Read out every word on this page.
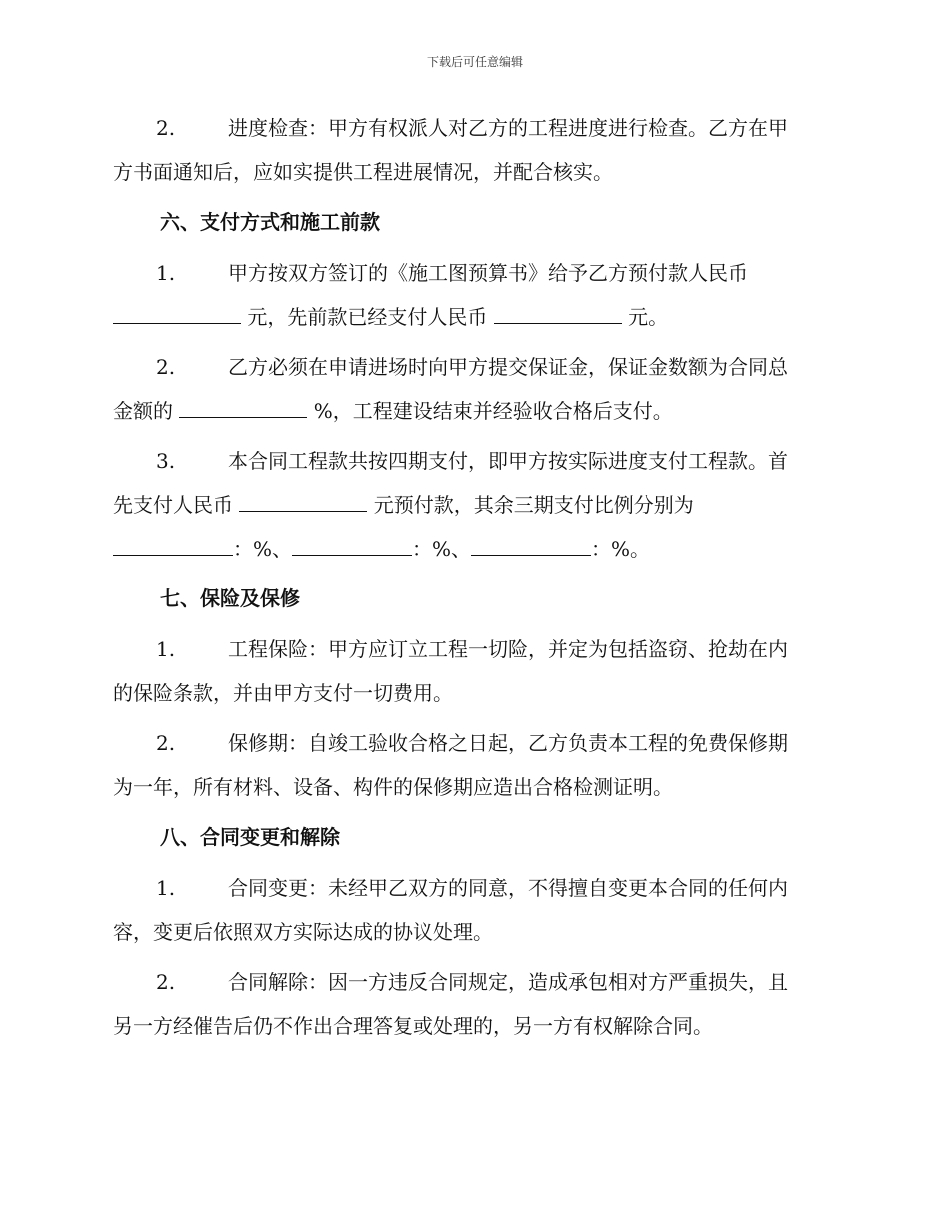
下载后可任意编辑
2.	进度检查：甲方有权派人对乙方的工程进度进行检查。乙方在甲
方书面通知后，应如实提供工程进展情况，并配合核实。
六、支付方式和施工前款
1.	甲方按双方签订的《施工图预算书》给予乙方预付款人民币
元，先前款已经支付人民币	元。
2.	乙方必须在申请进场时向甲方提交保证金，保证金数额为合同总
金额的	%，工程建设结束并经验收合格后支付。
3.	本合同工程款共按四期支付，即甲方按实际进度支付工程款。首
先支付人民币	元预付款，其余三期支付比例分别为
：%、	：%、	：%。
七、保险及保修
1.	工程保险：甲方应订立工程一切险，并定为包括盗窃、抢劫在内
的保险条款，并由甲方支付一切费用。
2.	保修期：自竣工验收合格之日起，乙方负责本工程的免费保修期
为一年，所有材料、设备、构件的保修期应造出合格检测证明。
八、合同变更和解除
1.	合同变更：未经甲乙双方的同意，不得擅自变更本合同的任何内
容，变更后依照双方实际达成的协议处理。
2.	合同解除：因一方违反合同规定，造成承包相对方严重损失，且
另一方经催告后仍不作出合理答复或处理的，另一方有权解除合同。
